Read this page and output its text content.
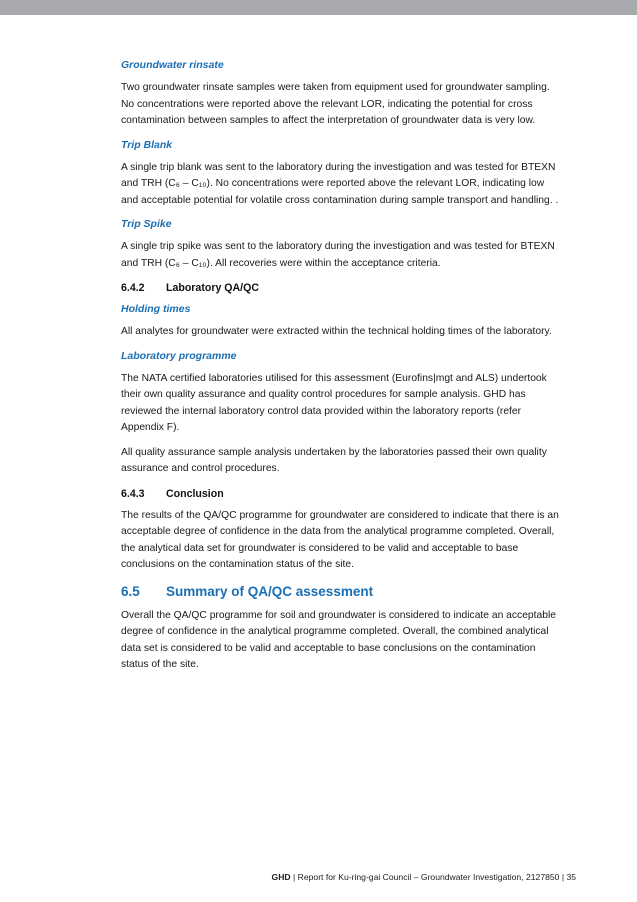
Groundwater rinsate

Two groundwater rinsate samples were taken from equipment used for groundwater sampling.
No concentrations were reported above the relevant LOR, indicating the potential for cross
contamination between samples to affect the interpretation of groundwater data is very low.

Trip Blank

A single trip blank was sent to the laboratory during the investigation and was tested for BTEXN
and TRH (C₆ – C₁₀). No concentrations were reported above the relevant LOR, indicating low
and acceptable potential for volatile cross contamination during sample transport and handling. .

Trip Spike

A single trip spike was sent to the laboratory during the investigation and was tested for BTEXN
and TRH (C₆ – C₁₀). All recoveries were within the acceptance criteria.

6.4.2 Laboratory QA/QC
Holding times

All analytes for groundwater were extracted within the technical holding times of the laboratory.

Laboratory programme

The NATA certified laboratories utilised for this assessment (Eurofins|mgt and ALS) undertook
their own quality assurance and quality control procedures for sample analysis. GHD has
reviewed the internal laboratory control data provided within the laboratory reports (refer
Appendix F).

All quality assurance sample analysis undertaken by the laboratories passed their own quality
assurance and control procedures.

6.4.3 Conclusion

The results of the QA/QC programme for groundwater are considered to indicate that there is an
acceptable degree of confidence in the data from the analytical programme completed. Overall,
the analytical data set for groundwater is considered to be valid and acceptable to base
conclusions on the contamination status of the site.

6.5 Summary of QA/QC assessment

Overall the QA/QC programme for soil and groundwater is considered to indicate an acceptable
degree of confidence in the analytical programme completed. Overall, the combined analytical
data set is considered to be valid and acceptable to base conclusions on the contamination
status of the site.

GHD | Report for Ku-ring-gai Council – Groundwater Investigation, 2127850 | 35
